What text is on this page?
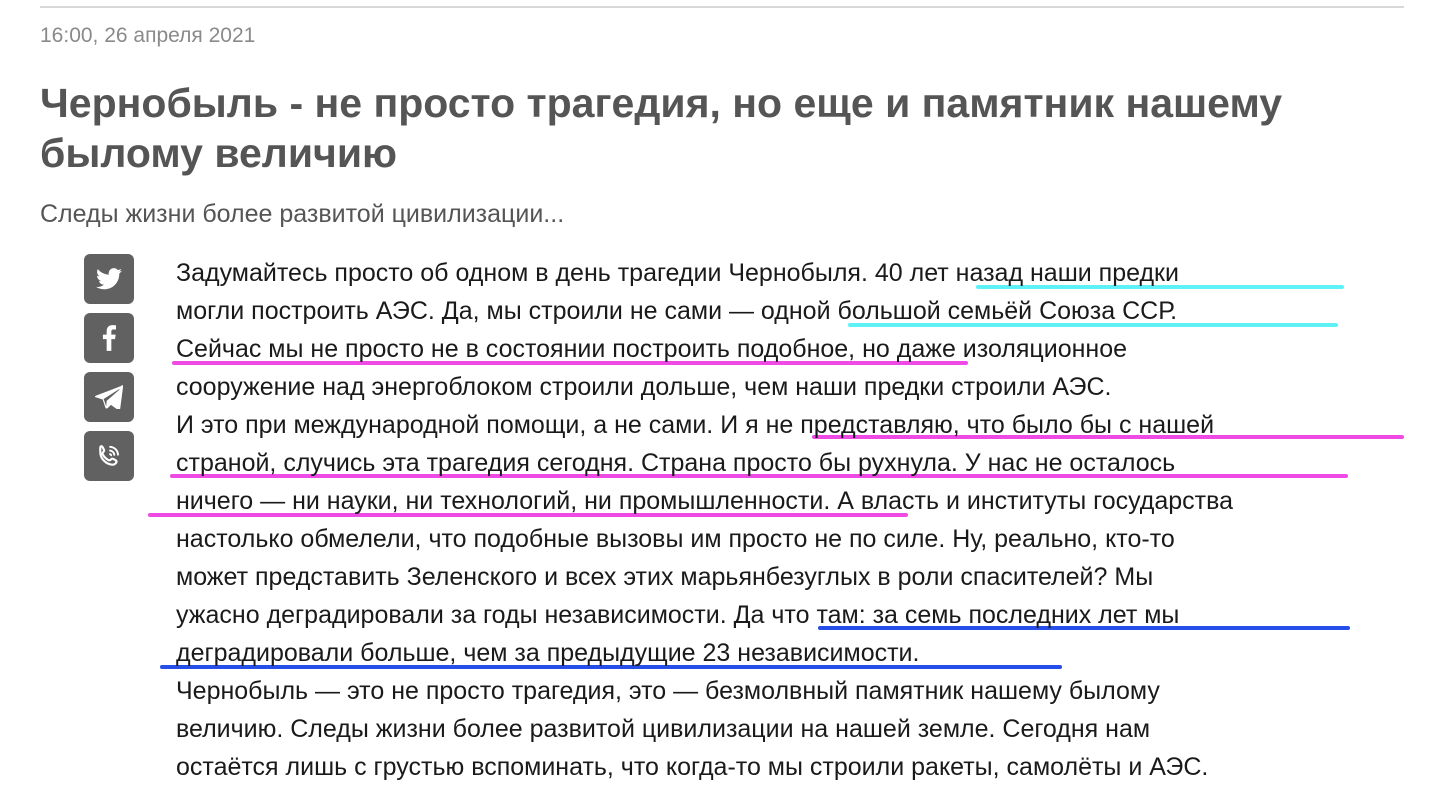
16:00, 26 апреля 2021
Чернобыль - не просто трагедия, но еще и памятник нашему былому величию
Следы жизни более развитой цивилизации...
Задумайтесь просто об одном в день трагедии Чернобыля. 40 лет назад наши предки
могли построить АЭС. Да, мы строили не сами — одной большой семьёй Союза ССР.
Сейчас мы не просто не в состоянии построить подобное, но даже изоляционное
сооружение над энергоблоком строили дольше, чем наши предки строили АЭС.
И это при международной помощи, а не сами. И я не представляю, что было бы с нашей
страной, случись эта трагедия сегодня. Страна просто бы рухнула. У нас не осталось
ничего — ни науки, ни технологий, ни промышленности. А власть и институты государства
настолько обмелели, что подобные вызовы им просто не по силе. Ну, реально, кто-то
может представить Зеленского и всех этих марьянбезуглых в роли спасителей? Мы
ужасно деградировали за годы независимости. Да что там: за семь последних лет мы
деградировали больше, чем за предыдущие 23 независимости.
Чернобыль — это не просто трагедия, это — безмолвный памятник нашему былому
величию. Следы жизни более развитой цивилизации на нашей земле. Сегодня нам
остаётся лишь с грустью вспоминать, что когда-то мы строили ракеты, самолёты и АЭС.
